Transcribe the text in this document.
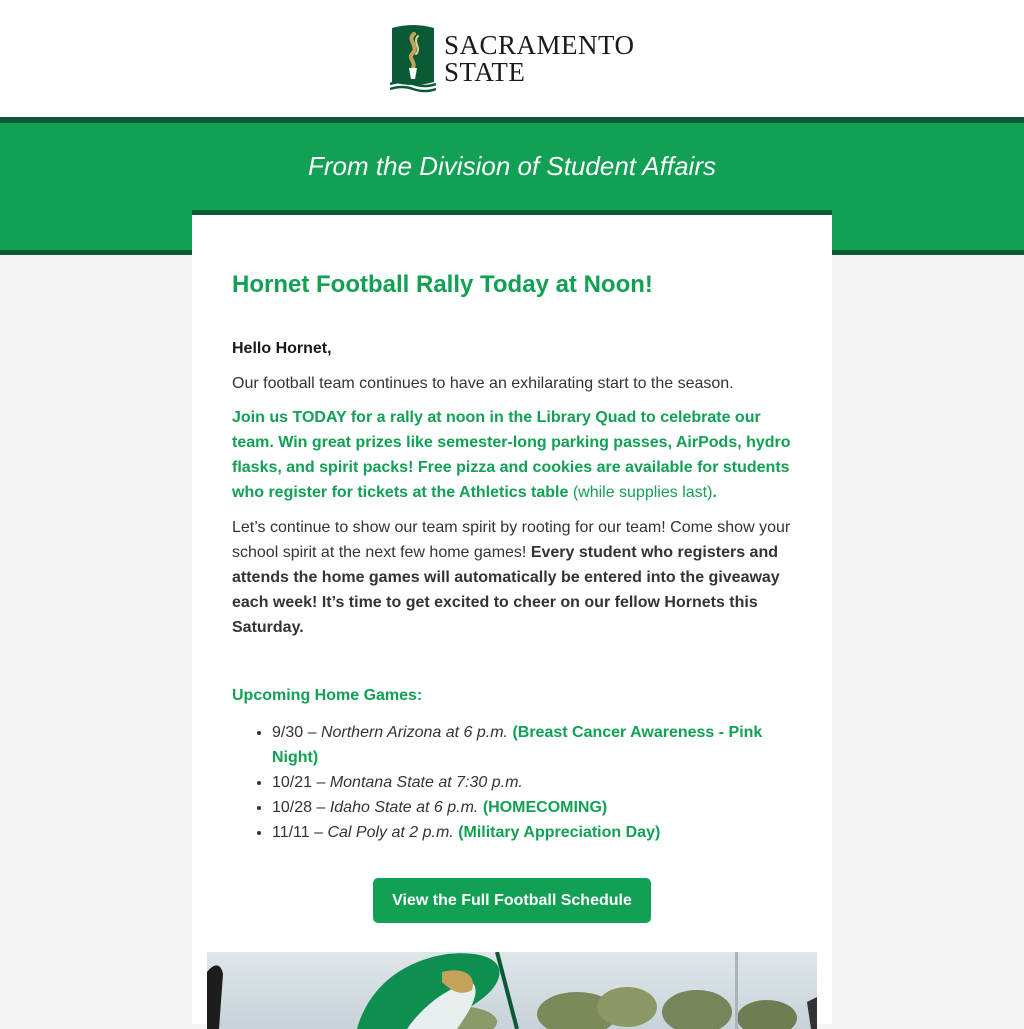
SACRAMENTO
STATE
From the Division of Student Affairs
Hornet Football Rally Today at Noon!

Hello Hornet,

Our football team continues to have an exhilarating start to the season.

Join us TODAY for a rally at noon in the Library Quad to celebrate our team. Win great prizes like semester-long parking passes, AirPods, hydro flasks, and spirit packs! Free pizza and cookies are available for students who register for tickets at the Athletics table (while supplies last).

Let’s continue to show our team spirit by rooting for our team! Come show your school spirit at the next few home games! Every student who registers and attends the home games will automatically be entered into the giveaway each week! It’s time to get excited to cheer on our fellow Hornets this Saturday.

Upcoming Home Games:

• 9/30 – Northern Arizona at 6 p.m. (Breast Cancer Awareness - Pink Night)
• 10/21 – Montana State at 7:30 p.m.
• 10/28 – Idaho State at 6 p.m. (HOMECOMING)
• 11/11 – Cal Poly at 2 p.m. (Military Appreciation Day)
View the Full Football Schedule
